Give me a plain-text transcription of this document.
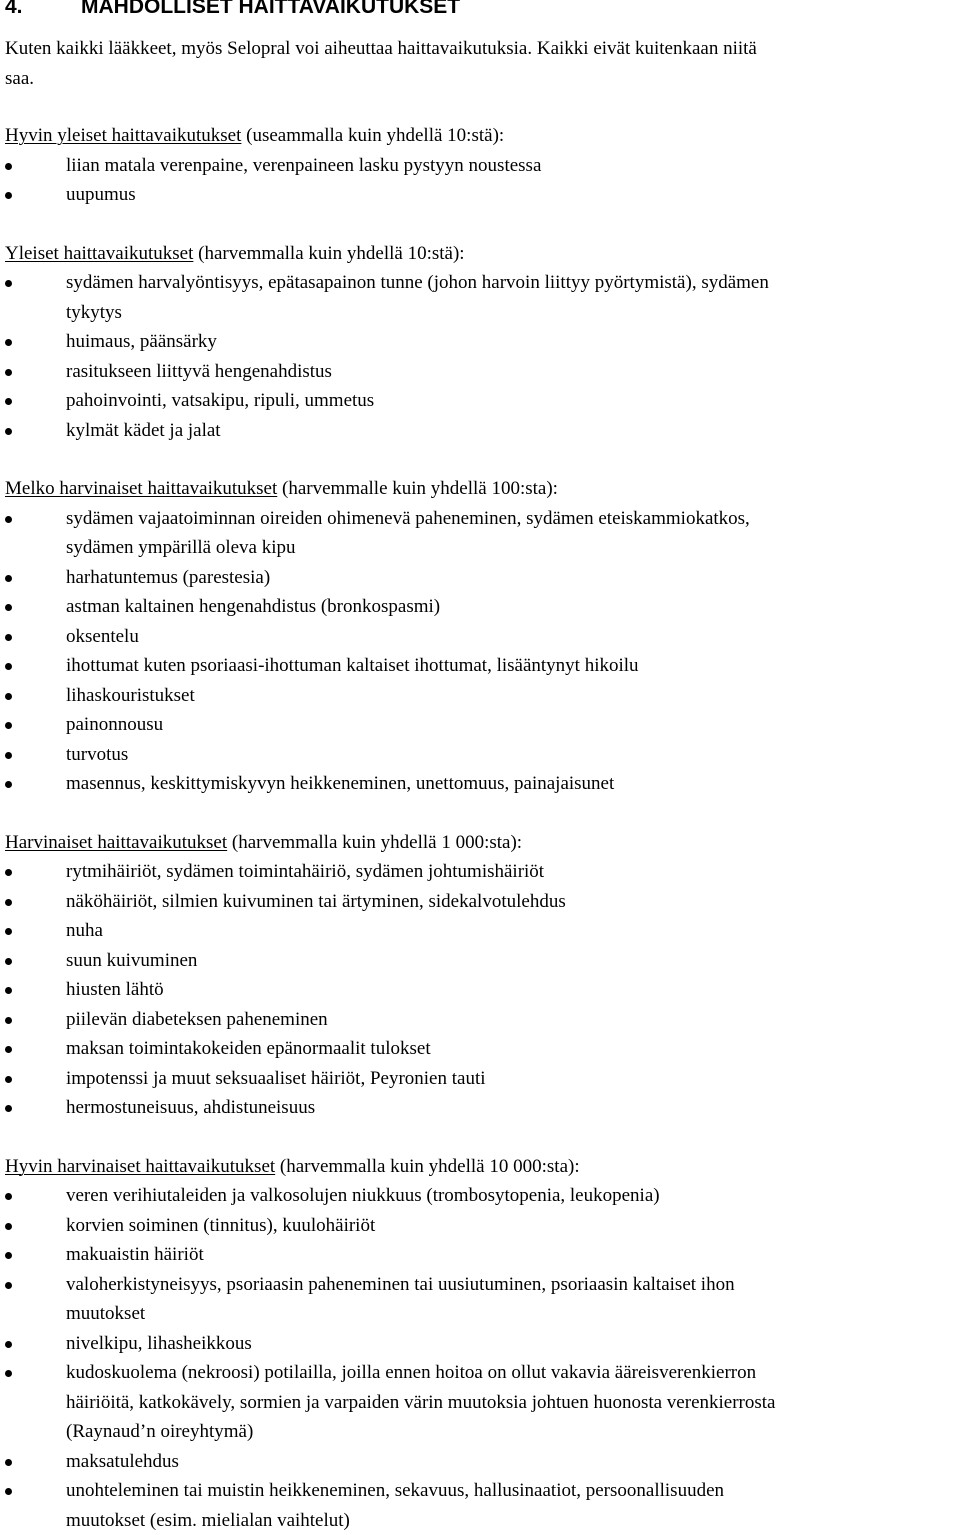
4.	MAHDOLLISET HAITTAVAIKUTUKSET

Kuten kaikki lääkkeet, myös Selopral voi aiheuttaa haittavaikutuksia. Kaikki eivät kuitenkaan niitä

saa.

Hyvin yleiset haittavaikutukset (useammalla kuin yhdellä 10:stä):

liian matala verenpaine, verenpaineen lasku pystyyn noustessa
uupumus

Yleiset haittavaikutukset (harvemmalla kuin yhdellä 10:stä):

sydämen harvalyöntisyys, epätasapainon tunne (johon harvoin liittyy pyörtymistä), sydämen
tykytys
huimaus, päänsärky
rasitukseen liittyvä hengenahdistus
pahoinvointi, vatsakipu, ripuli, ummetus
kylmät kädet ja jalat

Melko harvinaiset haittavaikutukset (harvemmalle kuin yhdellä 100:sta):

sydämen vajaatoiminnan oireiden ohimenevä paheneminen, sydämen eteiskammiokatkos,
sydämen ympärillä oleva kipu
harhatuntemus (parestesia)
astman kaltainen hengenahdistus (bronkospasmi)
oksentelu
ihottumat kuten psoriaasi-ihottuman kaltaiset ihottumat, lisääntynyt hikoilu
lihaskouristukset
painonnousu
turvotus
masennus, keskittymiskyvyn heikkeneminen, unettomuus, painajaisunet

Harvinaiset haittavaikutukset (harvemmalla kuin yhdellä 1 000:sta):

rytmihäiriöt, sydämen toimintahäiriö, sydämen johtumishäiriöt
näköhäiriöt, silmien kuivuminen tai ärtyminen, sidekalvotulehdus
nuha
suun kuivuminen
hiusten lähtö
piilevän diabeteksen paheneminen
maksan toimintakokeiden epänormaalit tulokset
impotenssi ja muut seksuaaliset häiriöt, Peyronien tauti
hermostuneisuus, ahdistuneisuus

Hyvin harvinaiset haittavaikutukset (harvemmalla kuin yhdellä 10 000:sta):

veren verihiutaleiden ja valkosolujen niukkuus (trombosytopenia, leukopenia)
korvien soiminen (tinnitus), kuulohäiriöt
makuaistin häiriöt
valoherkistyneisyys, psoriaasin paheneminen tai uusiutuminen, psoriaasin kaltaiset ihon
muutokset
nivelkipu, lihasheikkous
kudoskuolema (nekroosi) potilailla, joilla ennen hoitoa on ollut vakavia ääreisverenkierron
häiriöitä, katkokävely, sormien ja varpaiden värin muutoksia johtuen huonosta verenkierrosta
(Raynaud’n oireyhtymä)
maksatulehdus
unohteleminen tai muistin heikkeneminen, sekavuus, hallusinaatiot, persoonallisuuden
muutokset (esim. mielialan vaihtelut)
